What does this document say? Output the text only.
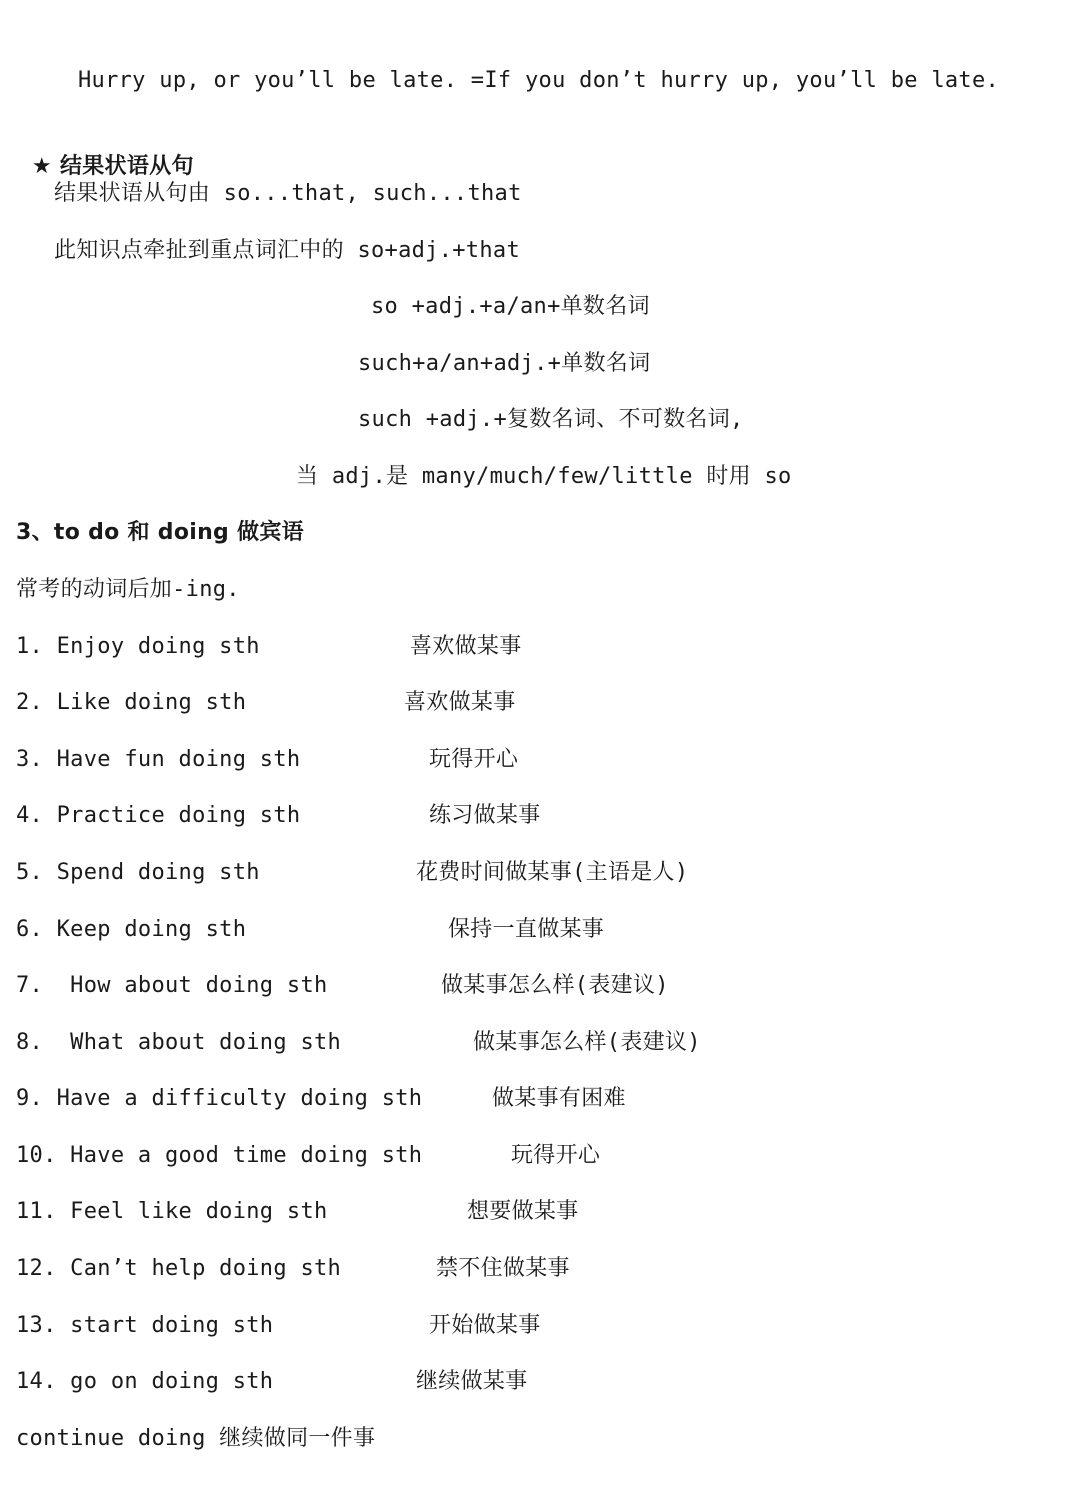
Hurry up, or you’ll be late. =If you don’t hurry up, you’ll be late.

★ 结果状语从句

结果状语从句由 so...that, such...that
此知识点牵扯到重点词汇中的 so+adj.+that
so +adj.+a/an+单数名词
such+a/an+adj.+单数名词
such +adj.+复数名词、不可数名词,
当 adj.是 many/much/few/little 时用 so
3、to do 和 doing 做宾语
常考的动词后加-ing.
1. Enjoy doing sth	喜欢做某事
2. Like doing sth	喜欢做某事
3. Have fun doing sth	玩得开心
4. Practice doing sth	练习做某事
5. Spend doing sth	花费时间做某事(主语是人)
6. Keep doing sth	保持一直做某事
7.  How about doing sth	做某事怎么样(表建议)
8.  What about doing sth	做某事怎么样(表建议)
9. Have a difficulty doing sth	做某事有困难
10. Have a good time doing sth	玩得开心
11. Feel like doing sth	想要做某事
12. Can’t help doing sth	禁不住做某事
13. start doing sth	开始做某事
14. go on doing sth	继续做某事
continue doing 继续做同一件事
